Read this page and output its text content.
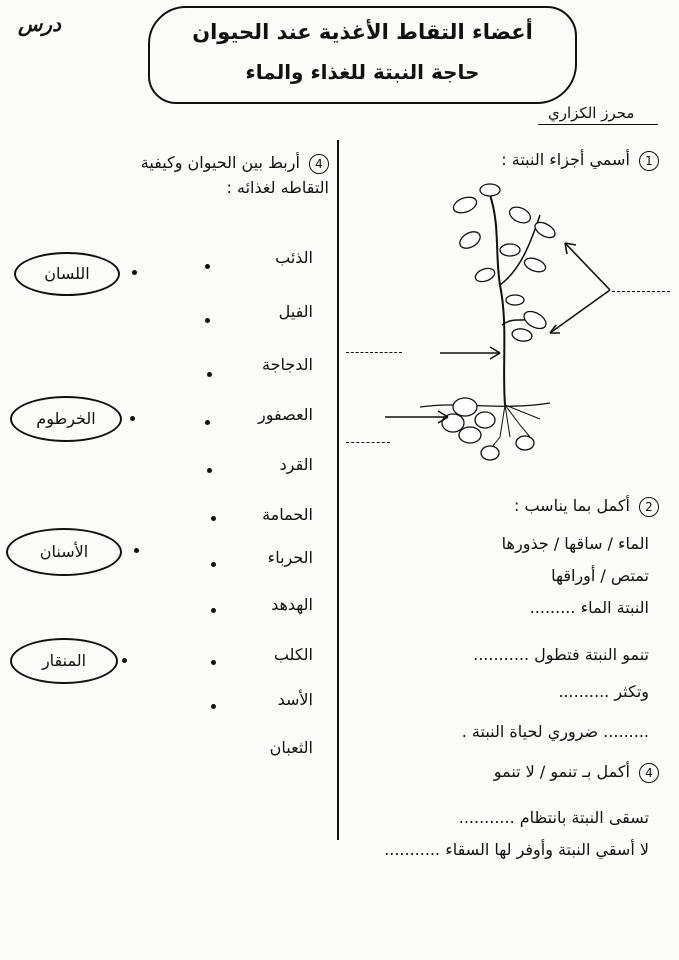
درس	أعضاء التقاط الأغذية عند الحيوان
حاجة النبتة للغذاء والماء
محرز الكزاري
4 أربط بين الحيوان وكيفية
التقاطه لغذائه :
الذئب
الفيل
الدجاجة
العصفور
القرد
الحمامة
الحرباء
الهدهد
الكلب
الأسد
الثعبان
اللسان
الخرطوم
الأسنان
المنقار
1 أسمي أجزاء النبتة :
2 أكمل بما يناسب :
الماء / ساقها / جذورها
تمتص / أوراقها
النبتة الماء .........
تنمو النبتة فتطول ...........
وتكثر ..........
......... ضروري لحياة النبتة .
4 أكمل بـ تنمو / لا تنمو
تسقى النبتة بانتظام ...........
لا أسقي النبتة وأوفر لها السقاء ...........
